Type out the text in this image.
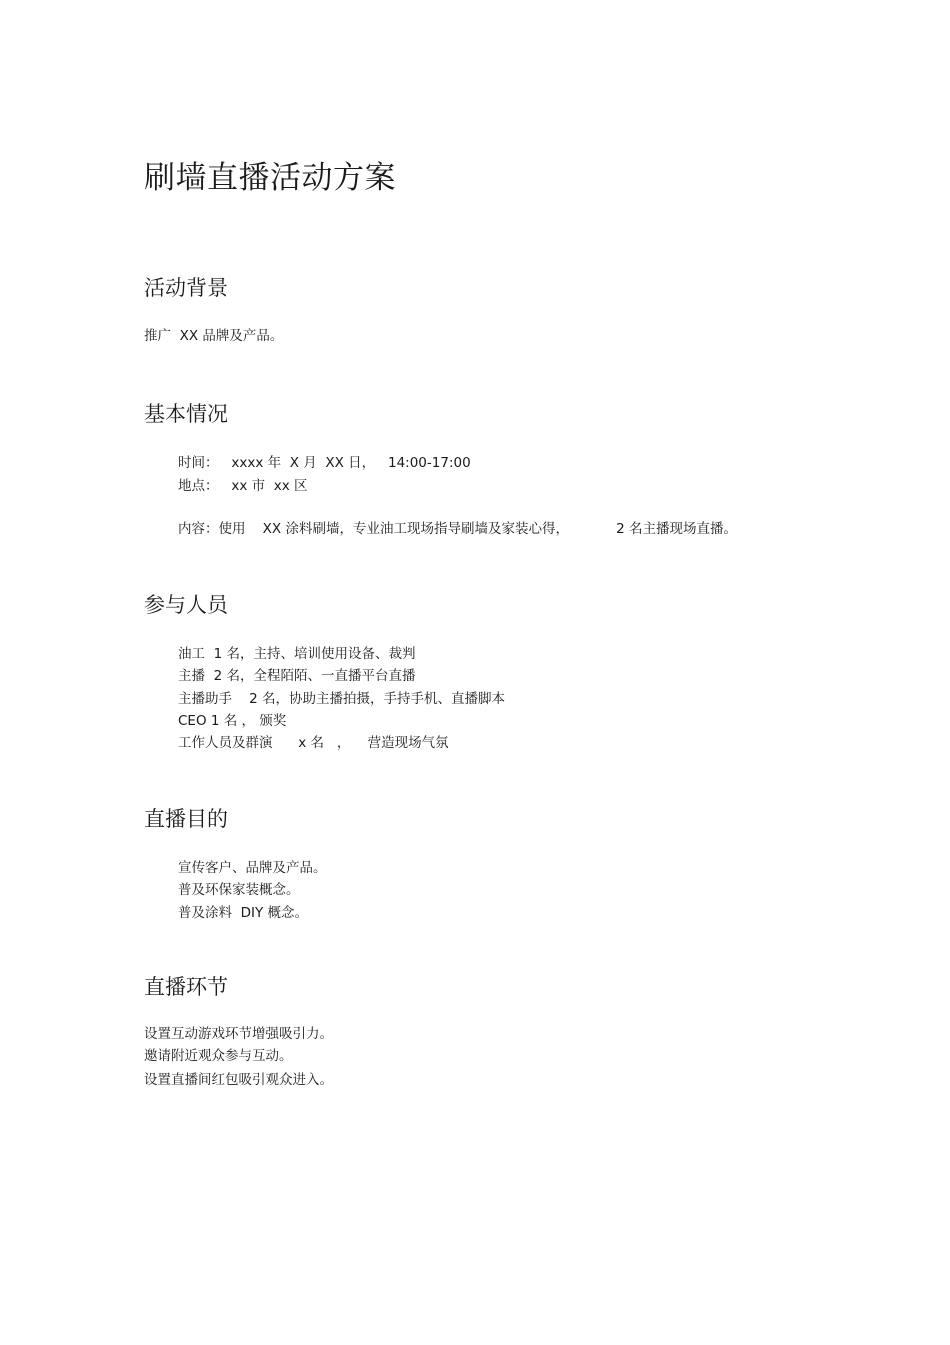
刷墙直播活动方案
活动背景
推广  XX 品牌及产品。
基本情况
时间：   xxxx 年  X 月  XX 日，   14:00-17:00
地点：   xx 市  xx 区
内容：使用    XX 涂料刷墙，专业油工现场指导刷墙及家装心得，           2 名主播现场直播。
参与人员
油工  1 名，主持、培训使用设备、裁判
主播  2 名，全程陌陌、一直播平台直播
主播助手    2 名，协助主播拍摄，手持手机、直播脚本
CEO 1 名 ， 颁奖
工作人员及群演      x 名   ，    营造现场气氛
直播目的
宣传客户、品牌及产品。
普及环保家装概念。
普及涂料  DIY 概念。
直播环节
设置互动游戏环节增强吸引力。
邀请附近观众参与互动。
设置直播间红包吸引观众进入。
